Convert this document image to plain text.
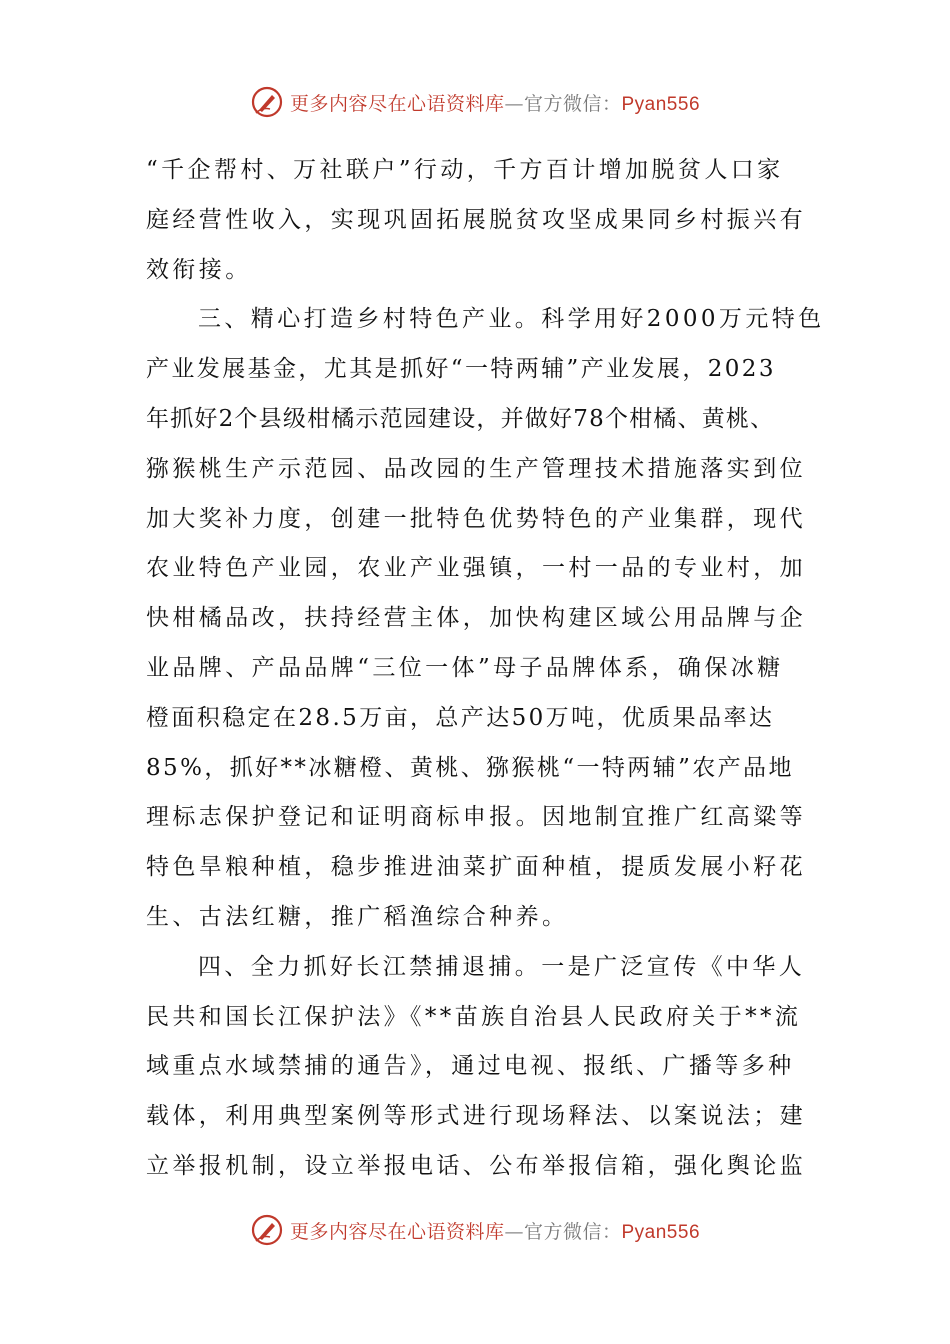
更多内容尽在心语资料库—官方微信：Pyan556
“千企帮村、万社联户”行动，千方百计增加脱贫人口家
庭经营性收入，实现巩固拓展脱贫攻坚成果同乡村振兴有
效衔接。
三、精心打造乡村特色产业。科学用好2000万元特色
产业发展基金，尤其是抓好“一特两辅”产业发展，2023
年抓好2个县级柑橘示范园建设，并做好78个柑橘、黄桃、
猕猴桃生产示范园、品改园的生产管理技术措施落实到位
加大奖补力度，创建一批特色优势特色的产业集群，现代
农业特色产业园，农业产业强镇，一村一品的专业村，加
快柑橘品改，扶持经营主体，加快构建区域公用品牌与企
业品牌、产品品牌“三位一体”母子品牌体系，确保冰糖
橙面积稳定在28.5万亩，总产达50万吨，优质果品率达
85%，抓好**冰糖橙、黄桃、猕猴桃“一特两辅”农产品地
理标志保护登记和证明商标申报。因地制宜推广红高粱等
特色旱粮种植，稳步推进油菜扩面种植，提质发展小籽花
生、古法红糖，推广稻渔综合种养。
四、全力抓好长江禁捕退捕。一是广泛宣传《中华人
民共和国长江保护法》《**苗族自治县人民政府关于**流
域重点水域禁捕的通告》，通过电视、报纸、广播等多种
载体，利用典型案例等形式进行现场释法、以案说法；建
立举报机制，设立举报电话、公布举报信箱，强化舆论监
更多内容尽在心语资料库—官方微信：Pyan556
